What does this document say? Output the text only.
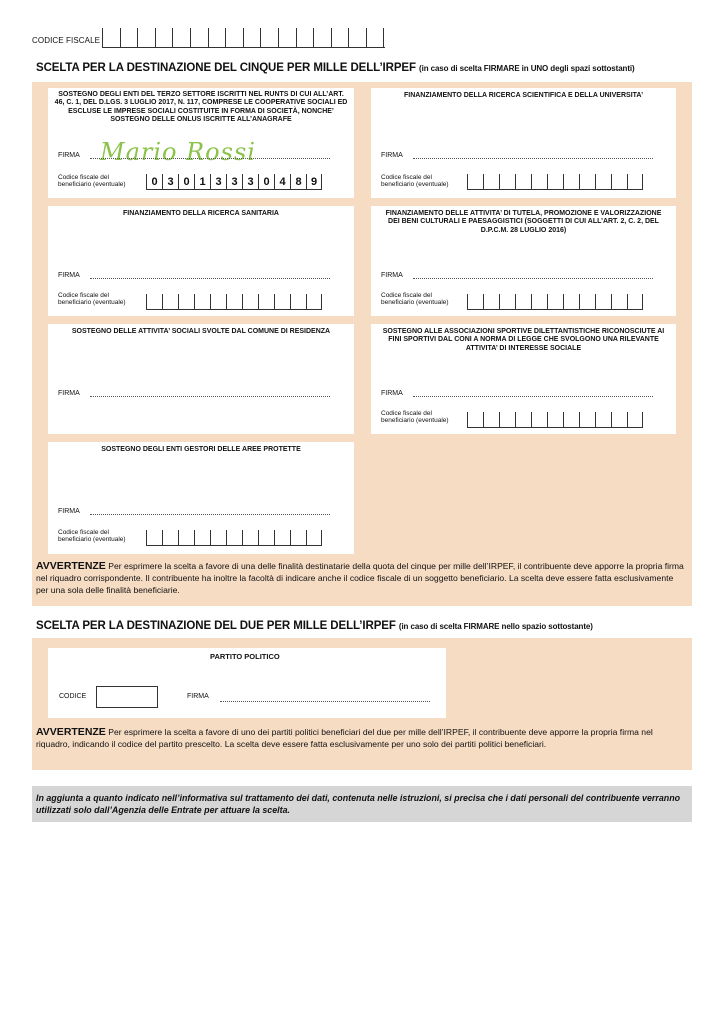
CODICE FISCALE
SCELTA PER LA DESTINAZIONE DEL CINQUE PER MILLE DELL’IRPEF (in caso di scelta FIRMARE in UNO degli spazi sottostanti)
SOSTEGNO DEGLI ENTI DEL TERZO SETTORE ISCRITTI NEL RUNTS DI CUI ALL’ART. 46, C. 1, DEL D.LGS. 3 LUGLIO 2017, N. 117, COMPRESE LE COOPERATIVE SOCIALI ED ESCLUSE LE IMPRESE SOCIALI COSTITUITE IN FORMA DI SOCIETÀ, NONCHE’ SOSTEGNO DELLE ONLUS ISCRITTE ALL’ANAGRAFE
Mario Rossi
FIRMA
Codice fiscale del
beneficiario (eventuale)	0 3 0 1 3 3 3 0 4 8 9
FINANZIAMENTO DELLA RICERCA SCIENTIFICA E DELLA UNIVERSITA’
FIRMA
Codice fiscale del
beneficiario (eventuale)
FINANZIAMENTO DELLA RICERCA SANITARIA
FIRMA
Codice fiscale del
beneficiario (eventuale)
FINANZIAMENTO DELLE ATTIVITA’ DI TUTELA, PROMOZIONE E VALORIZZAZIONE DEI BENI CULTURALI E PAESAGGISTICI (SOGGETTI DI CUI ALL’ART. 2, C. 2, DEL D.P.C.M. 28 LUGLIO 2016)
FIRMA
Codice fiscale del
beneficiario (eventuale)
SOSTEGNO DELLE ATTIVITA’ SOCIALI SVOLTE DAL COMUNE DI RESIDENZA
FIRMA
SOSTEGNO ALLE ASSOCIAZIONI SPORTIVE DILETTANTISTICHE RICONOSCIUTE AI FINI SPORTIVI DAL CONI A NORMA DI LEGGE CHE SVOLGONO UNA RILEVANTE ATTIVITA’ DI INTERESSE SOCIALE
FIRMA
Codice fiscale del
beneficiario (eventuale)
SOSTEGNO DEGLI ENTI GESTORI DELLE AREE PROTETTE
FIRMA
Codice fiscale del
beneficiario (eventuale)
AVVERTENZE Per esprimere la scelta a favore di una delle finalità destinatarie della quota del cinque per mille dell’IRPEF, il contribuente deve apporre la propria firma nel riquadro corrispondente. Il contribuente ha inoltre la facoltà di indicare anche il codice fiscale di un soggetto beneficiario. La scelta deve essere fatta esclusivamente per una sola delle finalità beneficiarie.
SCELTA PER LA DESTINAZIONE DEL DUE PER MILLE DELL’IRPEF (in caso di scelta FIRMARE nello spazio sottostante)
PARTITO POLITICO
CODICE	FIRMA
AVVERTENZE Per esprimere la scelta a favore di uno dei partiti politici beneficiari del due per mille dell’IRPEF, il contribuente deve apporre la propria firma nel riquadro, indicando il codice del partito prescelto. La scelta deve essere fatta esclusivamente per uno solo dei partiti politici beneficiari.
In aggiunta a quanto indicato nell’informativa sul trattamento dei dati, contenuta nelle istruzioni, si precisa che i dati personali del contribuente verranno utilizzati solo dall’Agenzia delle Entrate per attuare la scelta.
